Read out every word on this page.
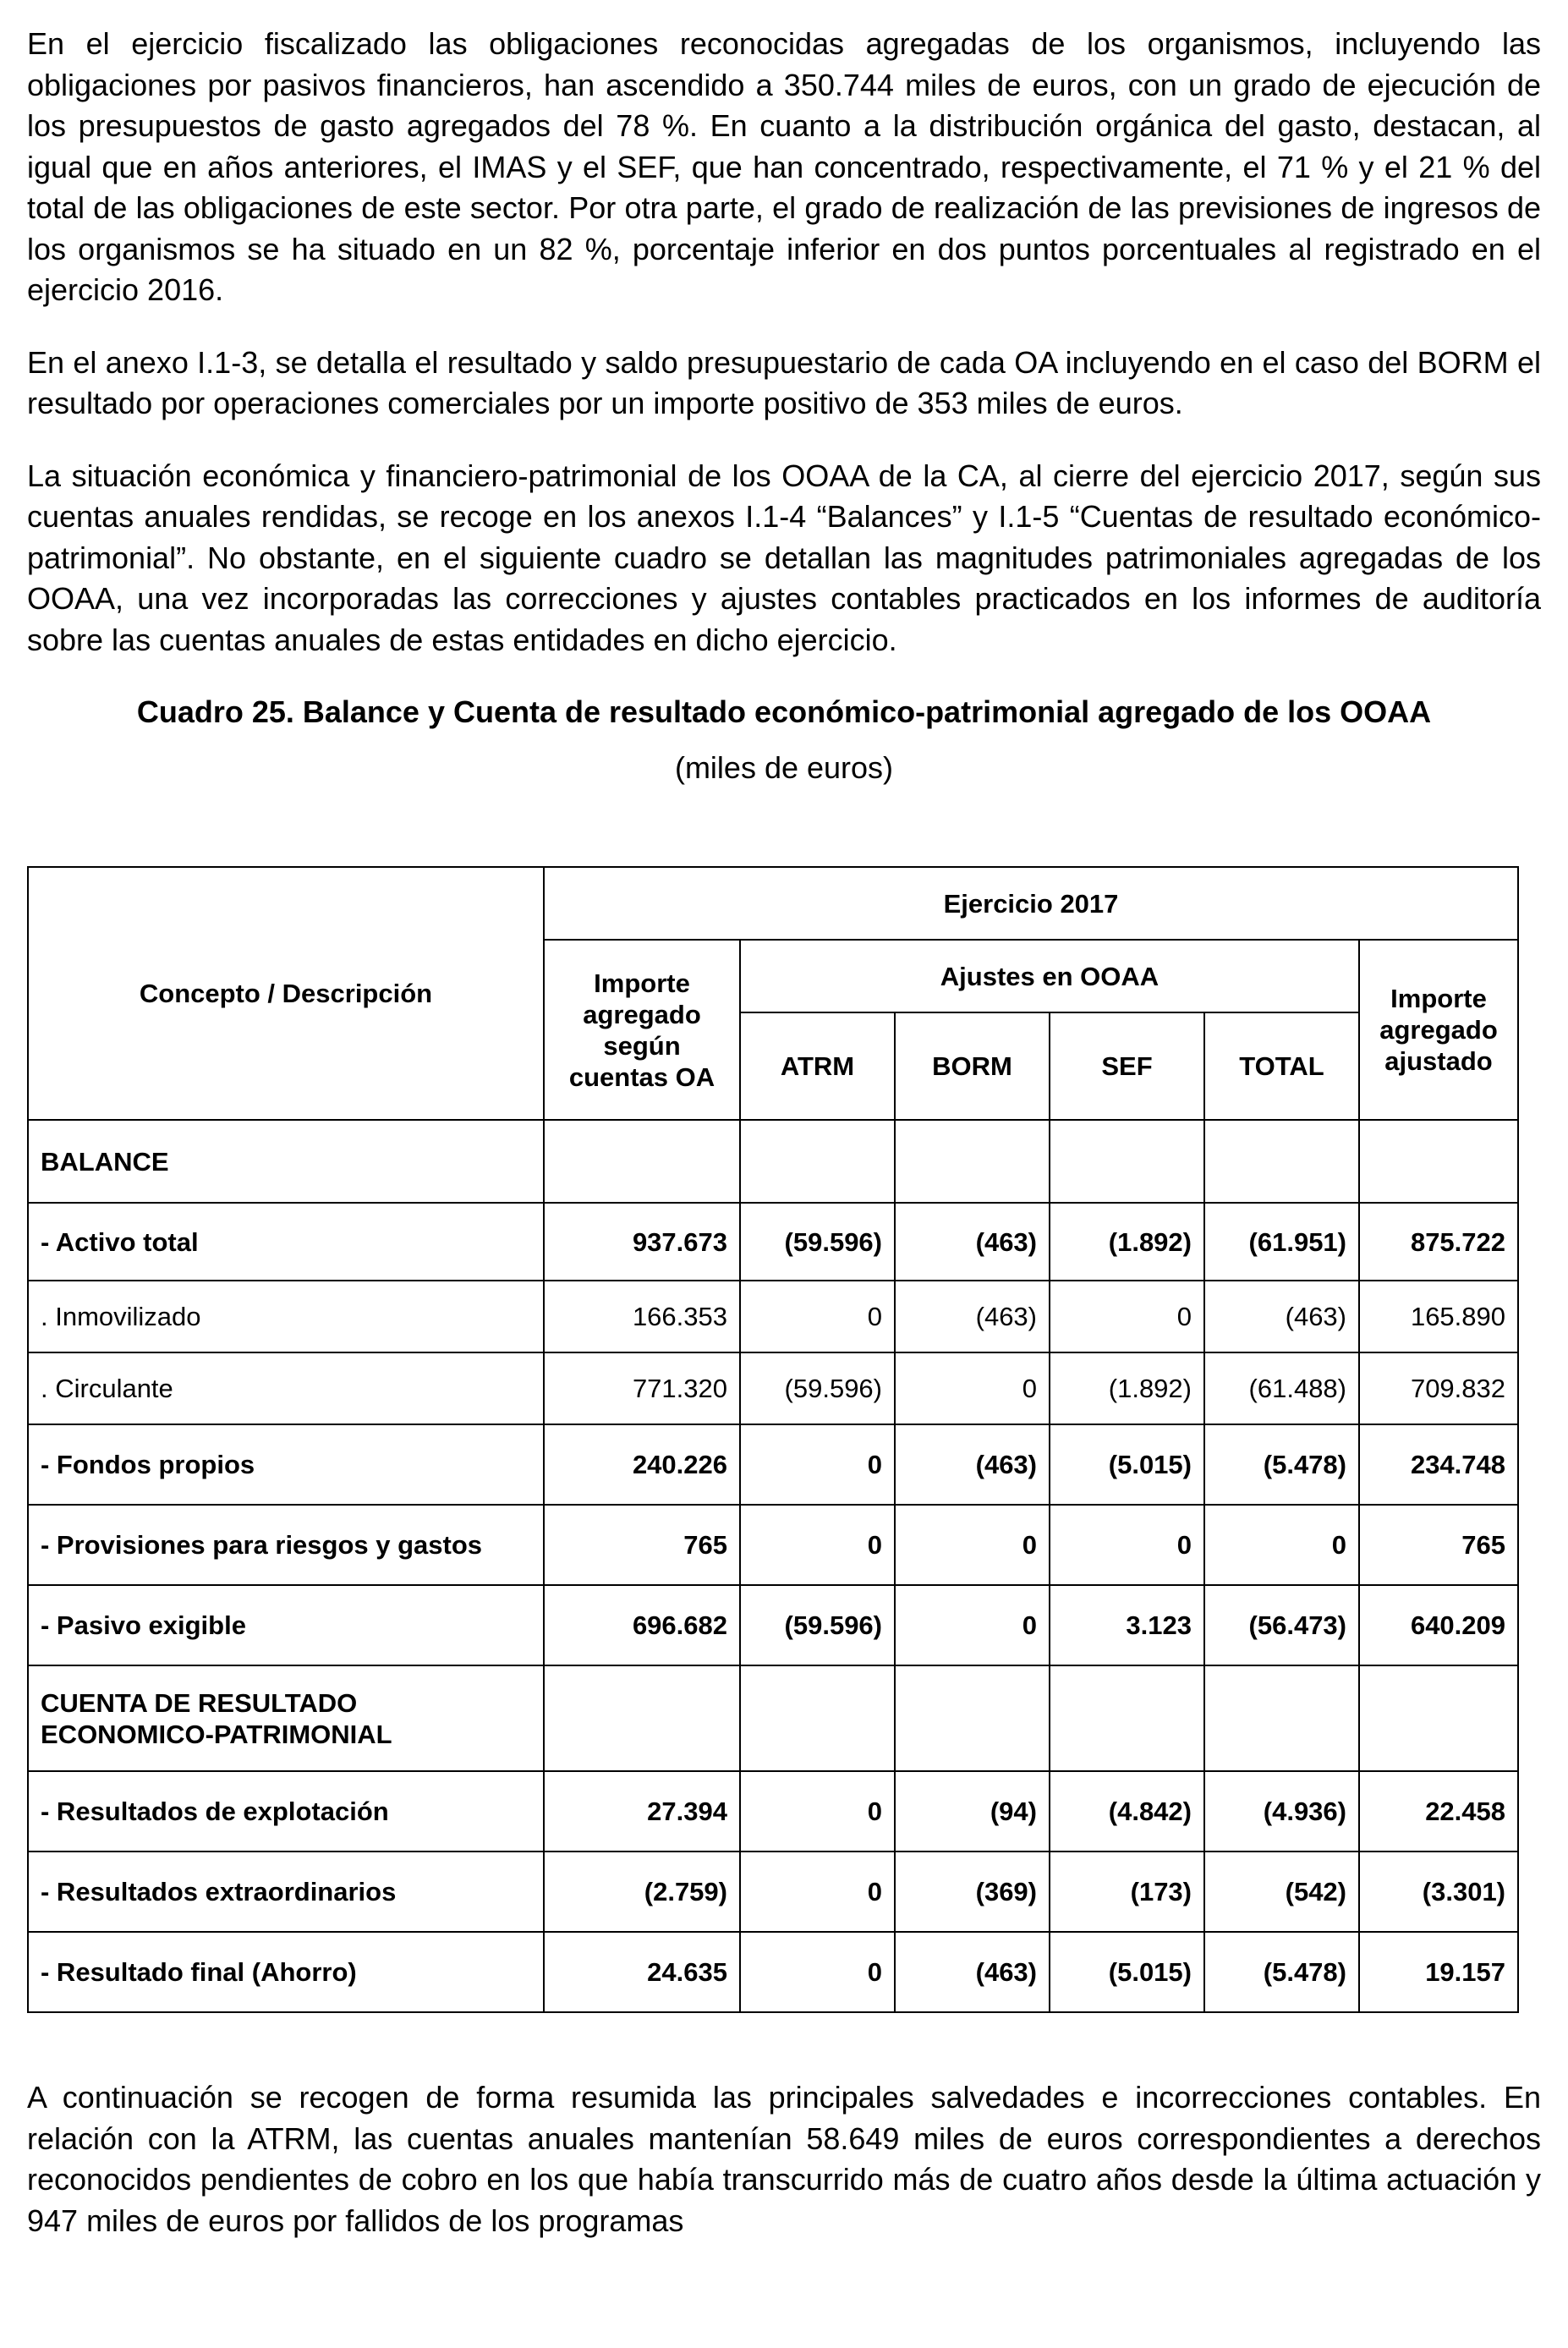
En el ejercicio fiscalizado las obligaciones reconocidas agregadas de los organismos, incluyendo las obligaciones por pasivos financieros, han ascendido a 350.744 miles de euros, con un grado de ejecución de los presupuestos de gasto agregados del 78 %. En cuanto a la distribución orgánica del gasto, destacan, al igual que en años anteriores, el IMAS y el SEF, que han concentrado, respectivamente, el 71 % y el 21 % del total de las obligaciones de este sector. Por otra parte, el grado de realización de las previsiones de ingresos de los organismos se ha situado en un 82 %, porcentaje inferior en dos puntos porcentuales al registrado en el ejercicio 2016.

En el anexo I.1-3, se detalla el resultado y saldo presupuestario de cada OA incluyendo en el caso del BORM el resultado por operaciones comerciales por un importe positivo de 353 miles de euros.

La situación económica y financiero-patrimonial de los OOAA de la CA, al cierre del ejercicio 2017, según sus cuentas anuales rendidas, se recoge en los anexos I.1-4 “Balances” y I.1-5 “Cuentas de resultado económico-patrimonial”. No obstante, en el siguiente cuadro se detallan las magnitudes patrimoniales agregadas de los OOAA, una vez incorporadas las correcciones y ajustes contables practicados en los informes de auditoría sobre las cuentas anuales de estas entidades en dicho ejercicio.

Cuadro 25. Balance y Cuenta de resultado económico-patrimonial agregado de los OOAA
(miles de euros)
Concepto / Descripción	Ejercicio 2017					
	Importe agregado según cuentas OA	Ajustes en OOAA				Importe agregado ajustado
		ATRM	BORM	SEF	TOTAL	
BALANCE						
- Activo total	937.673	(59.596)	(463)	(1.892)	(61.951)	875.722
. Inmovilizado	166.353	0	(463)	0	(463)	165.890
. Circulante	771.320	(59.596)	0	(1.892)	(61.488)	709.832
- Fondos propios	240.226	0	(463)	(5.015)	(5.478)	234.748
- Provisiones para riesgos y gastos	765	0	0	0	0	765
- Pasivo exigible	696.682	(59.596)	0	3.123	(56.473)	640.209
CUENTA DE RESULTADO ECONOMICO-PATRIMONIAL						
- Resultados de explotación	27.394	0	(94)	(4.842)	(4.936)	22.458
- Resultados extraordinarios	(2.759)	0	(369)	(173)	(542)	(3.301)
- Resultado final (Ahorro)	24.635	0	(463)	(5.015)	(5.478)	19.157

A continuación se recogen de forma resumida las principales salvedades e incorrecciones contables. En relación con la ATRM, las cuentas anuales mantenían 58.649 miles de euros correspondientes a derechos reconocidos pendientes de cobro en los que había transcurrido más de cuatro años desde la última actuación y 947 miles de euros por fallidos de los programas
